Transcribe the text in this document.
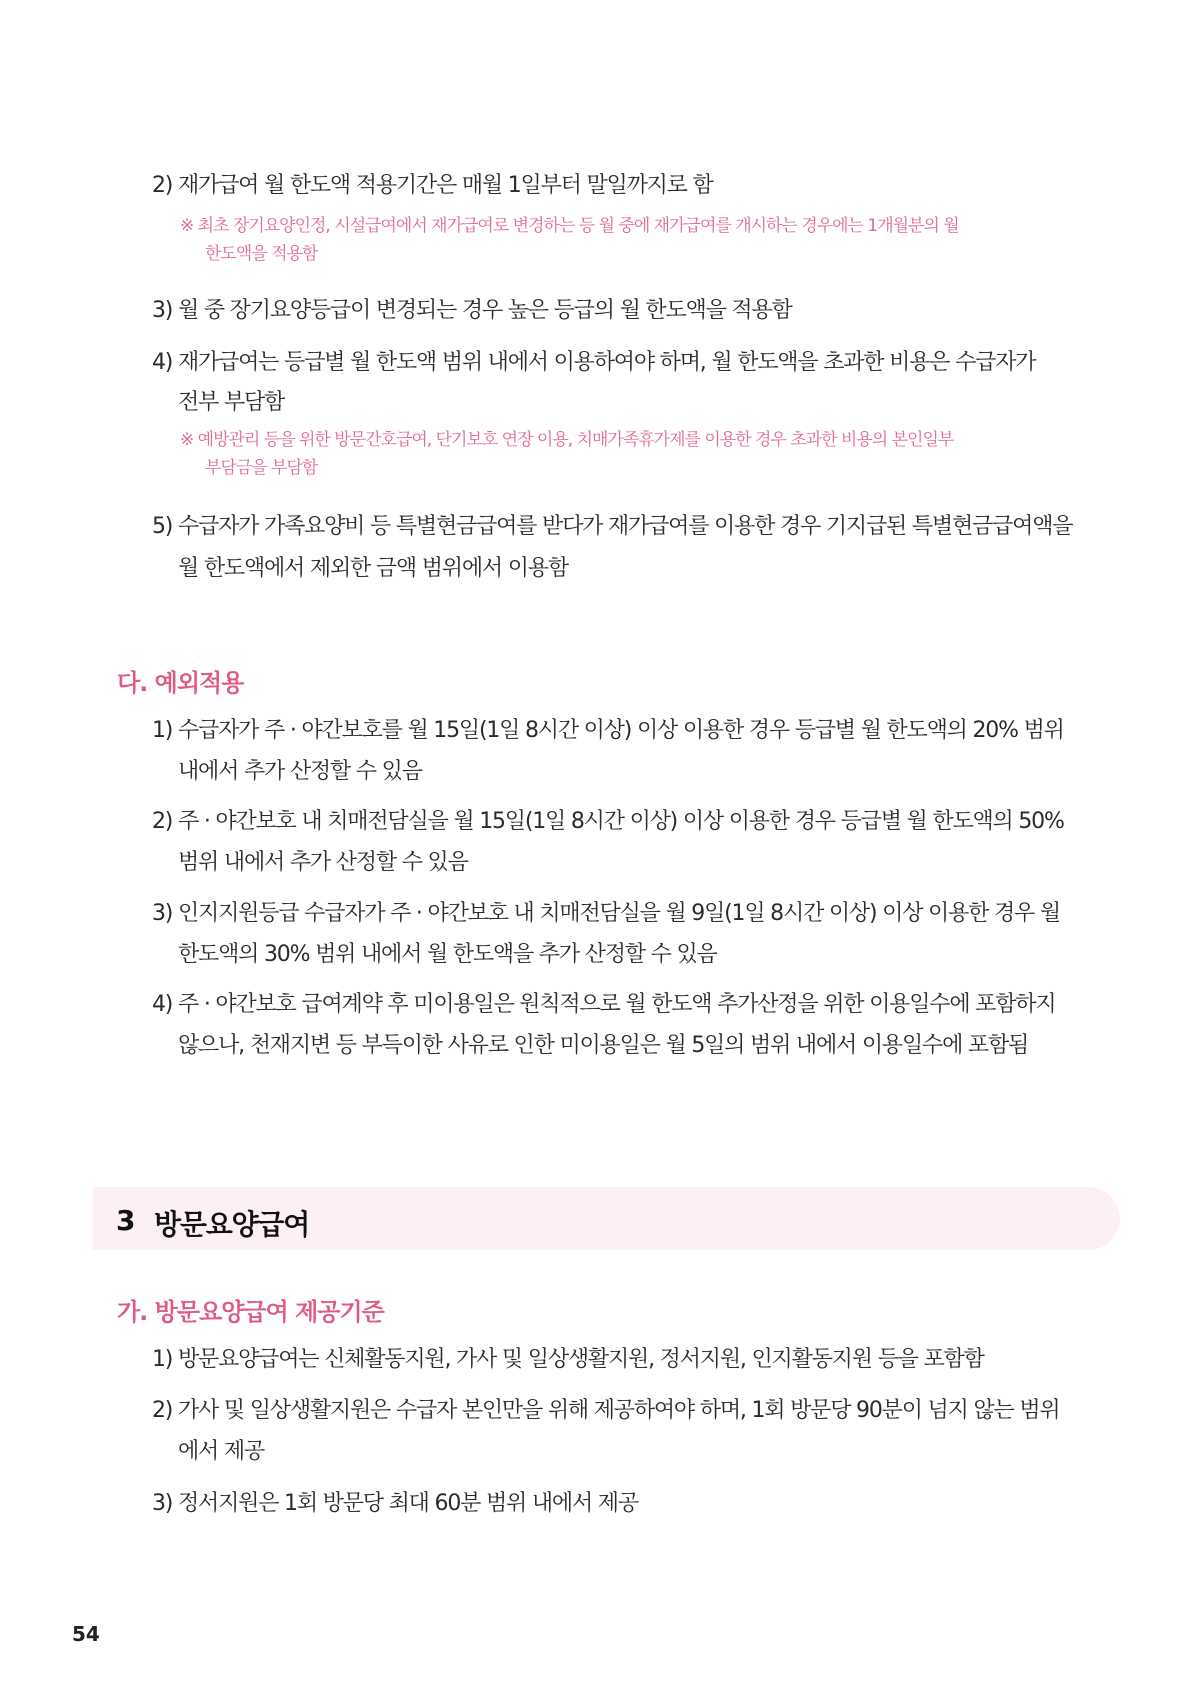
2) 재가급여 월 한도액 적용기간은 매월 1일부터 말일까지로 함
※ 최초 장기요양인정, 시설급여에서 재가급여로 변경하는 등 월 중에 재가급여를 개시하는 경우에는 1개월분의 월
한도액을 적용함
3) 월 중 장기요양등급이 변경되는 경우 높은 등급의 월 한도액을 적용함
4) 재가급여는 등급별 월 한도액 범위 내에서 이용하여야 하며, 월 한도액을 초과한 비용은 수급자가
전부 부담함
※ 예방관리 등을 위한 방문간호급여, 단기보호 연장 이용, 치매가족휴가제를 이용한 경우 초과한 비용의 본인일부
부담금을 부담함
5) 수급자가 가족요양비 등 특별현금급여를 받다가 재가급여를 이용한 경우 기지급된 특별현금급여액을
월 한도액에서 제외한 금액 범위에서 이용함
다. 예외적용
1) 수급자가 주 · 야간보호를 월 15일(1일 8시간 이상) 이상 이용한 경우 등급별 월 한도액의 20% 범위
내에서 추가 산정할 수 있음
2) 주 · 야간보호 내 치매전담실을 월 15일(1일 8시간 이상) 이상 이용한 경우 등급별 월 한도액의 50%
범위 내에서 추가 산정할 수 있음
3) 인지지원등급 수급자가 주 · 야간보호 내 치매전담실을 월 9일(1일 8시간 이상) 이상 이용한 경우 월
한도액의 30% 범위 내에서 월 한도액을 추가 산정할 수 있음
4) 주 · 야간보호 급여계약 후 미이용일은 원칙적으로 월 한도액 추가산정을 위한 이용일수에 포함하지
않으나, 천재지변 등 부득이한 사유로 인한 미이용일은 월 5일의 범위 내에서 이용일수에 포함됨
3 방문요양급여
가. 방문요양급여 제공기준
1) 방문요양급여는 신체활동지원, 가사 및 일상생활지원, 정서지원, 인지활동지원 등을 포함함
2) 가사 및 일상생활지원은 수급자 본인만을 위해 제공하여야 하며, 1회 방문당 90분이 넘지 않는 범위
에서 제공
3) 정서지원은 1회 방문당 최대 60분 범위 내에서 제공
54
